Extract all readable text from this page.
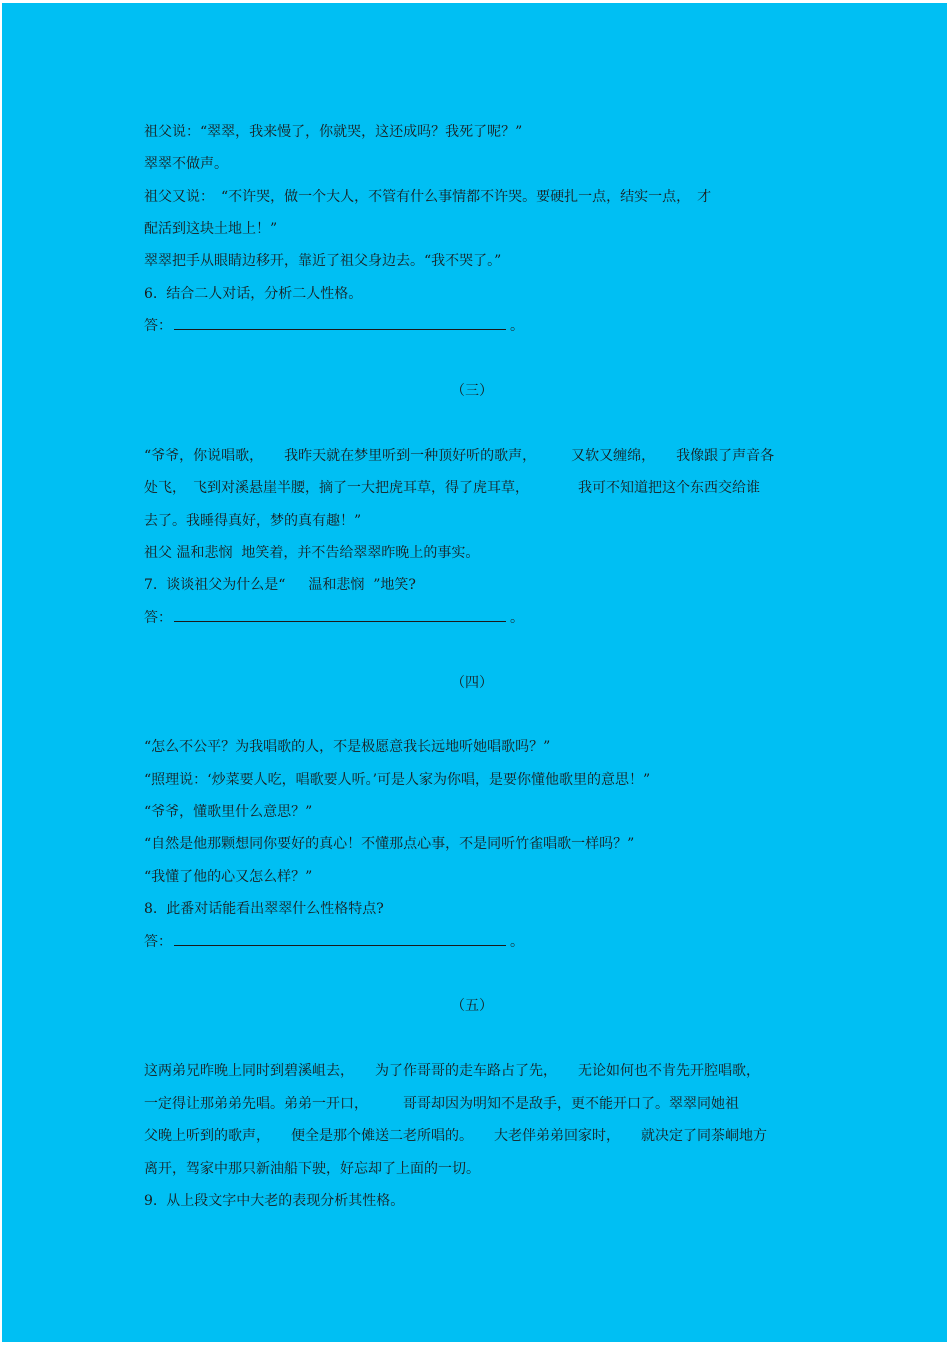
祖父说：“翠翠，我来慢了，你就哭，这还成吗？我死了呢？”
翠翠不做声。
祖父又说：　“不许哭，做一个大人，不管有什么事情都不许哭。要硬扎一点，结实一点，　才
配活到这块土地上！”
翠翠把手从眼睛边移开，靠近了祖父身边去。“我不哭了。”
6.  结合二人对话，分析二人性格。
答：	。
（三）
“爷爷，你说唱歌，　　我昨天就在梦里听到一种顶好听的歌声，　　　又软又缠绵，　　我像跟了声音各
处飞，　飞到对溪悬崖半腰，摘了一大把虎耳草，得了虎耳草，　　　　我可不知道把这个东西交给谁
去了。我睡得真好，梦的真有趣！”
祖父 温和悲悯  地笑着，并不告给翠翠昨晚上的事实。
7.  谈谈祖父为什么是“　  温和悲悯  ”地笑?
答：	。
（四）
“怎么不公平？为我唱歌的人，不是极愿意我长远地听她唱歌吗？”
“照理说：‘炒菜要人吃，唱歌要人听。’可是人家为你唱，是要你懂他歌里的意思！”
“爷爷，懂歌里什么意思？”
“自然是他那颗想同你要好的真心！不懂那点心事，不是同听竹雀唱歌一样吗？”
“我懂了他的心又怎么样？”
8.  此番对话能看出翠翠什么性格特点?
答：	。
（五）
这两弟兄昨晚上同时到碧溪岨去，　　为了作哥哥的走车路占了先，　　无论如何也不肯先开腔唱歌，
一定得让那弟弟先唱。弟弟一开口，　　　哥哥却因为明知不是敌手，更不能开口了。翠翠同她祖
父晚上听到的歌声，　　便全是那个傩送二老所唱的。　　大老伴弟弟回家时，　　就决定了同茶峒地方
离开，驾家中那只新油船下驶，好忘却了上面的一切。
9.  从上段文字中大老的表现分析其性格。
